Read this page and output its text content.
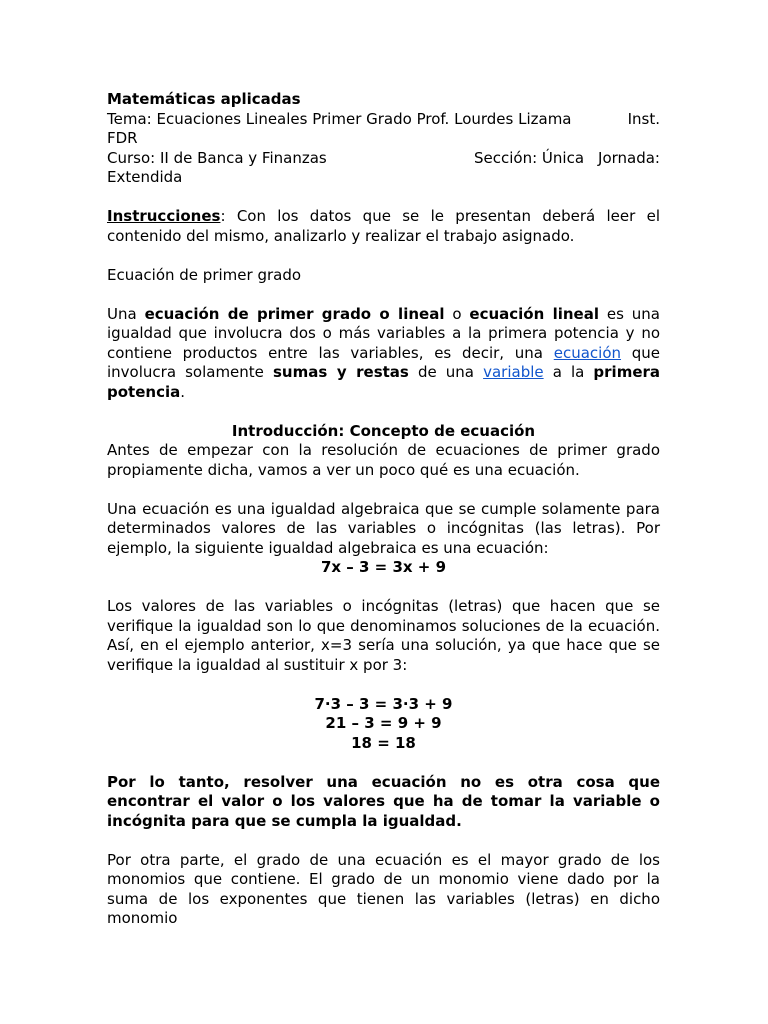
Matemáticas aplicadas

Tema: Ecuaciones Lineales Primer Grado Prof. Lourdes Lizama	Inst.

FDR

Curso: II de Banca y Finanzas	Sección: Única Jornada:

Extendida

Instrucciones: Con los datos que se le presentan deberá leer el contenido del mismo, analizarlo y realizar el trabajo asignado.

Ecuación de primer grado

Una ecuación de primer grado o lineal o ecuación lineal es una igualdad que involucra dos o más variables a la primera potencia y no contiene productos entre las variables, es decir, una ecuación que involucra solamente sumas y restas de una variable a la primera potencia.

Introducción: Concepto de ecuación

Antes de empezar con la resolución de ecuaciones de primer grado propiamente dicha, vamos a ver un poco qué es una ecuación.

Una ecuación es una igualdad algebraica que se cumple solamente para determinados valores de las variables o incógnitas (las letras). Por ejemplo, la siguiente igualdad algebraica es una ecuación:

7x – 3 = 3x + 9

Los valores de las variables o incógnitas (letras) que hacen que se verifique la igualdad son lo que denominamos soluciones de la ecuación. Así, en el ejemplo anterior, x=3 sería una solución, ya que hace que se verifique la igualdad al sustituir x por 3:

7·3 – 3 = 3·3 + 9

21 – 3 = 9 + 9

18 = 18

Por lo tanto, resolver una ecuación no es otra cosa que encontrar el valor o los valores que ha de tomar la variable o incógnita para que se cumpla la igualdad.

Por otra parte, el grado de una ecuación es el mayor grado de los monomios que contiene. El grado de un monomio viene dado por la suma de los exponentes que tienen las variables (letras) en dicho monomio
